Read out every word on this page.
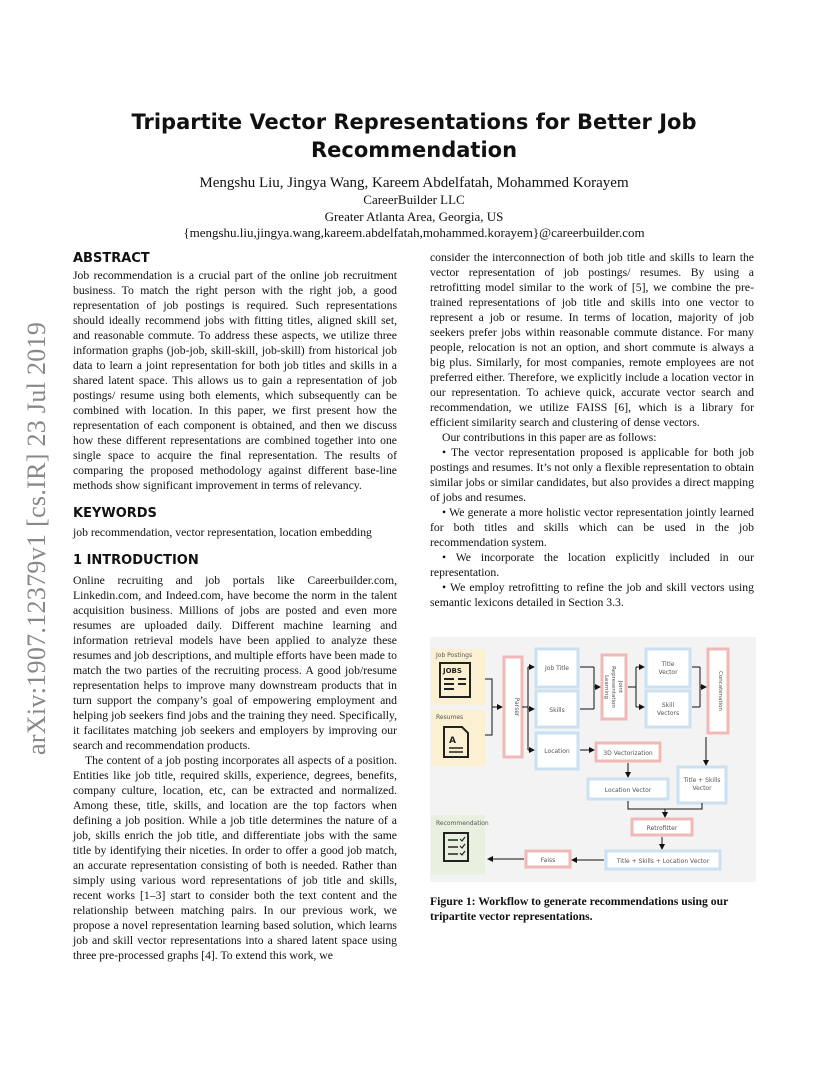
arXiv:1907.12379v1 [cs.IR] 23 Jul 2019
Tripartite Vector Representations for Better Job
Recommendation
Mengshu Liu, Jingya Wang, Kareem Abdelfatah, Mohammed Korayem
CareerBuilder LLC
Greater Atlanta Area, Georgia, US
{mengshu.liu,jingya.wang,kareem.abdelfatah,mohammed.korayem}@careerbuilder.com
ABSTRACT

Job recommendation is a crucial part of the online job recruitment business. To match the right person with the right job, a good representation of job postings is required. Such representations should ideally recommend jobs with fitting titles, aligned skill set, and reasonable commute. To address these aspects, we utilize three information graphs (job-job, skill-skill, job-skill) from historical job data to learn a joint representation for both job titles and skills in a shared latent space. This allows us to gain a representation of job postings/ resume using both elements, which subsequently can be combined with location. In this paper, we first present how the representation of each component is obtained, and then we discuss how these different representations are combined together into one single space to acquire the final representation. The results of comparing the proposed methodology against different base-line methods show significant improvement in terms of relevancy.

KEYWORDS

job recommendation, vector representation, location embedding

1 INTRODUCTION

Online recruiting and job portals like Careerbuilder.com, Linkedin.com, and Indeed.com, have become the norm in the talent acquisition business. Millions of jobs are posted and even more resumes are uploaded daily. Different machine learning and information retrieval models have been applied to analyze these resumes and job descriptions, and multiple efforts have been made to match the two parties of the recruiting process. A good job/resume representation helps to improve many downstream products that in turn support the company’s goal of empowering employment and helping job seekers find jobs and the training they need. Specifically, it facilitates matching job seekers and employers by improving our search and recommendation products.

The content of a job posting incorporates all aspects of a position. Entities like job title, required skills, experience, degrees, benefits, company culture, location, etc, can be extracted and normalized. Among these, title, skills, and location are the top factors when defining a job position. While a job title determines the nature of a job, skills enrich the job title, and differentiate jobs with the same title by identifying their niceties. In order to offer a good job match, an accurate representation consisting of both is needed. Rather than simply using various word representations of job title and skills, recent works [1–3] start to consider both the text content and the relationship between matching pairs. In our previous work, we propose a novel representation learning based solution, which learns job and skill vector representations into a shared latent space using three pre-processed graphs [4]. To extend this work, we

consider the interconnection of both job title and skills to learn the vector representation of job postings/ resumes. By using a retrofitting model similar to the work of [5], we combine the pre-trained representations of job title and skills into one vector to represent a job or resume. In terms of location, majority of job seekers prefer jobs within reasonable commute distance. For many people, relocation is not an option, and short commute is always a big plus. Similarly, for most companies, remote employees are not preferred either. Therefore, we explicitly include a location vector in our representation. To achieve quick, accurate vector search and recommendation, we utilize FAISS [6], which is a library for efficient similarity search and clustering of dense vectors.

Our contributions in this paper are as follows:

• The vector representation proposed is applicable for both job postings and resumes. It’s not only a flexible representation to obtain similar jobs or similar candidates, but also provides a direct mapping of jobs and resumes.

• We generate a more holistic vector representation jointly learned for both titles and skills which can be used in the job recommendation system.

• We incorporate the location explicitly included in our representation.

• We employ retrofitting to refine the job and skill vectors using semantic lexicons detailed in Section 3.3.

Job Postings
JOBS
Resumes
A
Parser
Job Title
Skills
Location
Joint
Representation
Learning
Title
Vector
Skill
Vectors
Concatenation
3D Vectorization
Location Vector
Title + Skills
Vector
Retrofitter
Title + Skills + Location Vector
Faiss
Recommendation
Figure 1: Workflow to generate recommendations using our tripartite vector representations.
